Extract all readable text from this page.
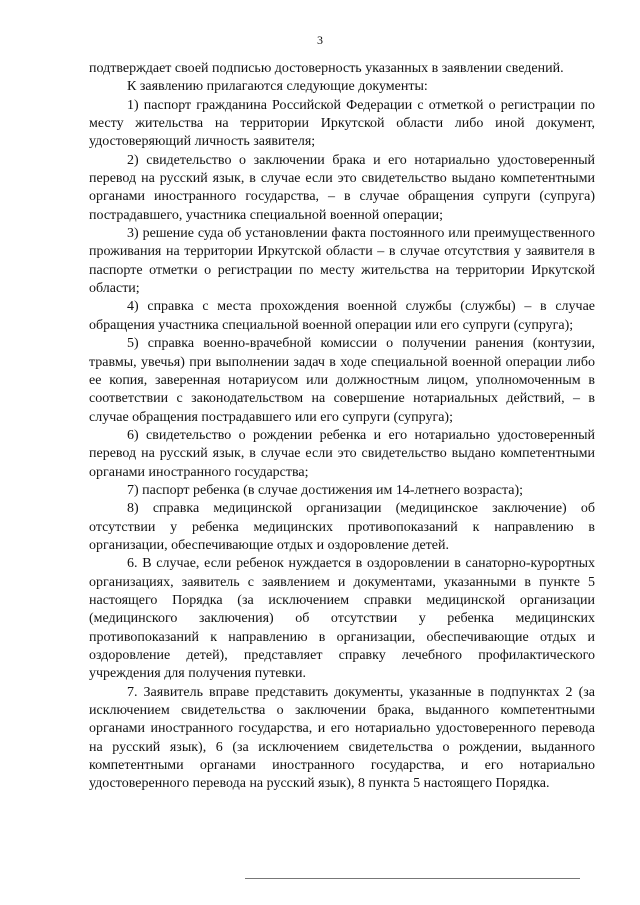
3

подтверждает своей подписью достоверность указанных в заявлении сведений.

К заявлению прилагаются следующие документы:

1) паспорт гражданина Российской Федерации с отметкой о регистрации по месту жительства на территории Иркутской области либо иной документ, удостоверяющий личность заявителя;

2) свидетельство о заключении брака и его нотариально удостоверенный перевод на русский язык, в случае если это свидетельство выдано компетентными органами иностранного государства, – в случае обращения супруги (супруга) пострадавшего, участника специальной военной операции;

3) решение суда об установлении факта постоянного или преимущественного проживания на территории Иркутской области – в случае отсутствия у заявителя в паспорте отметки о регистрации по месту жительства на территории Иркутской области;

4) справка с места прохождения военной службы (службы) – в случае обращения участника специальной военной операции или его супруги (супруга);

5) справка военно-врачебной комиссии о получении ранения (контузии, травмы, увечья) при выполнении задач в ходе специальной военной операции либо ее копия, заверенная нотариусом или должностным лицом, уполномоченным в соответствии с законодательством на совершение нотариальных действий, – в случае обращения пострадавшего или его супруги (супруга);

6) свидетельство о рождении ребенка и его нотариально удостоверенный перевод на русский язык, в случае если это свидетельство выдано компетентными органами иностранного государства;

7) паспорт ребенка (в случае достижения им 14-летнего возраста);

8) справка медицинской организации (медицинское заключение) об отсутствии у ребенка медицинских противопоказаний к направлению в организации, обеспечивающие отдых и оздоровление детей.

6. В случае, если ребенок нуждается в оздоровлении в санаторно-курортных организациях, заявитель с заявлением и документами, указанными в пункте 5 настоящего Порядка (за исключением справки медицинской организации (медицинского заключения) об отсутствии у ребенка медицинских противопоказаний к направлению в организации, обеспечивающие отдых и оздоровление детей), представляет справку лечебного профилактического учреждения для получения путевки.

7. Заявитель вправе представить документы, указанные в подпунктах 2 (за исключением свидетельства о заключении брака, выданного компетентными органами иностранного государства, и его нотариально удостоверенного перевода на русский язык), 6 (за исключением свидетельства о рождении, выданного компетентными органами иностранного государства, и его нотариально удостоверенного перевода на русский язык), 8 пункта 5 настоящего Порядка.
